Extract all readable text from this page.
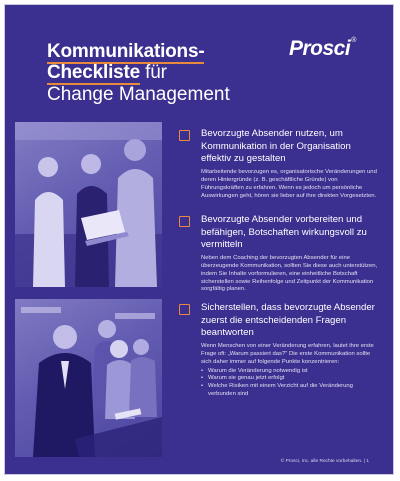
Kommunikations-
Checkliste für
Change Management
Prosci®
Bevorzugte Absender nutzen, um Kommunikation in der Organisation effektiv zu gestalten
Mitarbeitende bevorzugen es, organisatorische Veränderungen und deren Hintergründe (z. B. geschäftliche Gründe) von Führungskräften zu erfahren. Wenn es jedoch um persönliche Auswirkungen geht, hören sie lieber auf ihre direkten Vorgesetzten.
Bevorzugte Absender vorbereiten und befähigen, Botschaften wirkungsvoll zu vermitteln
Neben dem Coaching der bevorzugten Absender für eine überzeugende Kommunikation, sollten Sie diese auch unterstützen, indem Sie Inhalte vorformulieren, eine einheitliche Botschaft sicherstellen sowie Reihenfolge und Zeitpunkt der Kommunikation sorgfältig planen.
Sicherstellen, dass bevorzugte Absender zuerst die entscheidenden Fragen beantworten
Wenn Menschen von einer Veränderung erfahren, lautet ihre erste Frage oft: „Warum passiert das?" Die erste Kommunikation sollte sich daher immer auf folgende Punkte konzentrieren:
• Warum die Veränderung notwendig ist
• Warum sie genau jetzt erfolgt
• Welche Risiken mit einem Verzicht auf die Veränderung verbunden sind
© Prosci, Inc. alle Rechte vorbehalten. | 1
